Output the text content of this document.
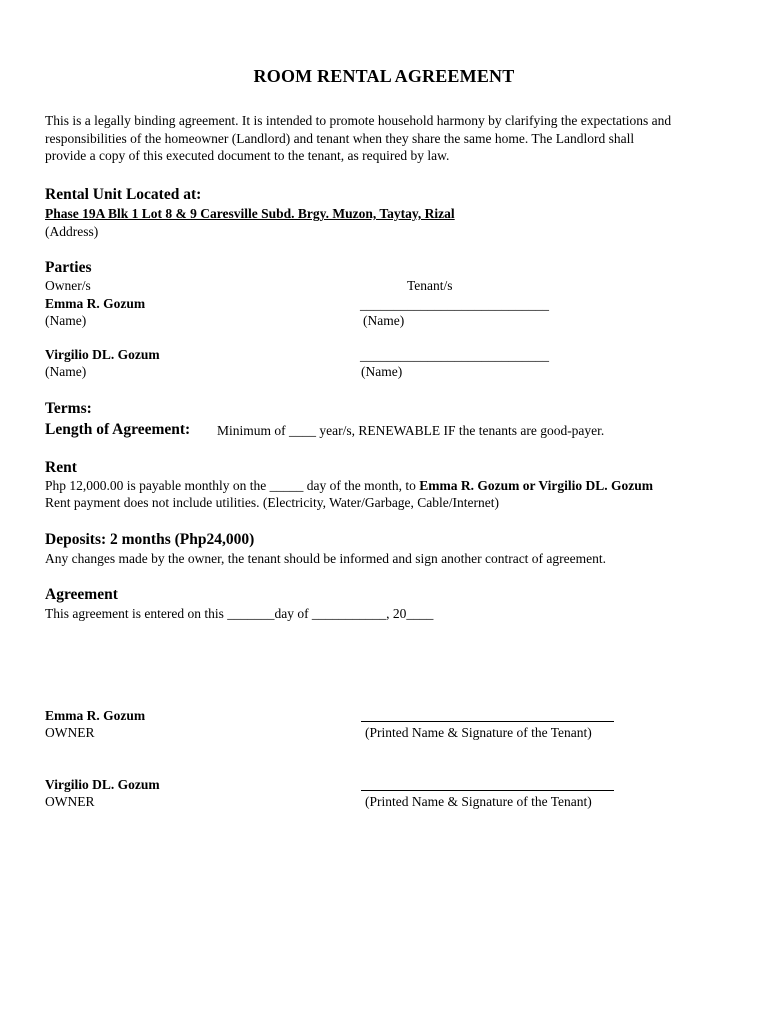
ROOM RENTAL AGREEMENT
This is a legally binding agreement. It is intended to promote household harmony by clarifying the expectations and
responsibilities of the homeowner (Landlord) and tenant when they share the same home. The Landlord shall
provide a copy of this executed document to the tenant, as required by law.
Rental Unit Located at:
Phase 19A Blk 1 Lot 8 & 9 Caresville Subd. Brgy. Muzon, Taytay, Rizal
(Address)
Parties
Owner/s	Tenant/s
Emma R. Gozum	____________________________
(Name)	(Name)
Virgilio DL. Gozum	____________________________
(Name)	(Name)
Terms:
Length of Agreement: Minimum of ____ year/s, RENEWABLE IF the tenants are good-payer.
Rent
Php 12,000.00 is payable monthly on the _____ day of the month, to Emma R. Gozum or Virgilio DL. Gozum
Rent payment does not include utilities. (Electricity, Water/Garbage, Cable/Internet)
Deposits: 2 months (Php24,000)
Any changes made by the owner, the tenant should be informed and sign another contract of agreement.
Agreement
This agreement is entered on this _______day of ___________, 20____
Emma R. Gozum
OWNER	(Printed Name & Signature of the Tenant)
Virgilio DL. Gozum
OWNER	(Printed Name & Signature of the Tenant)
